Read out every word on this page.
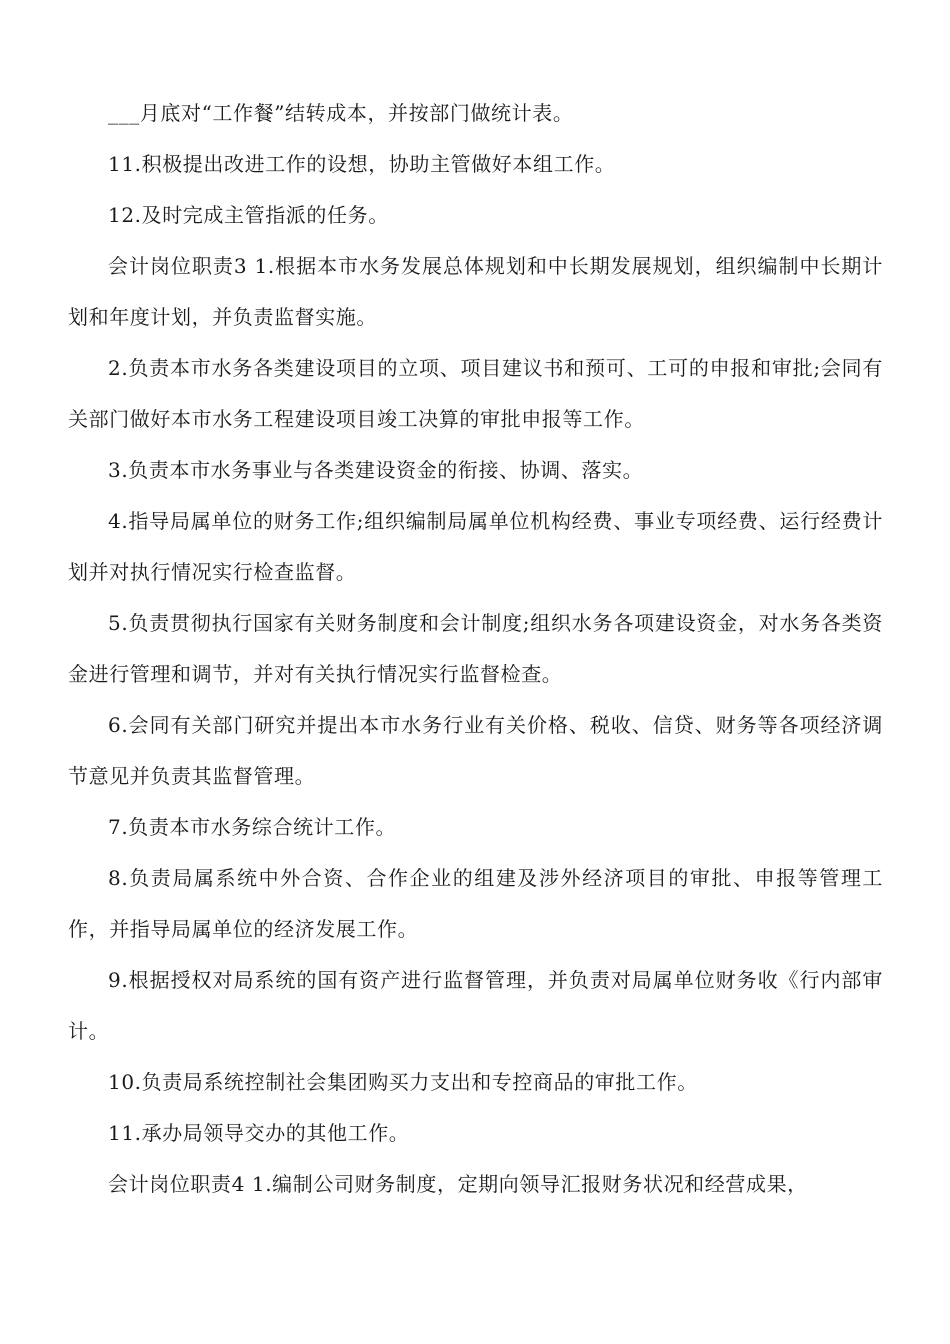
___月底对“工作餐”结转成本，并按部门做统计表。

11.积极提出改进工作的设想，协助主管做好本组工作。

12.及时完成主管指派的任务。

会计岗位职责3 1.根据本市水务发展总体规划和中长期发展规划，组织编制中长期计划和年度计划，并负责监督实施。

2.负责本市水务各类建设项目的立项、项目建议书和预可、工可的申报和审批;会同有关部门做好本市水务工程建设项目竣工决算的审批申报等工作。

3.负责本市水务事业与各类建设资金的衔接、协调、落实。

4.指导局属单位的财务工作;组织编制局属单位机构经费、事业专项经费、运行经费计划并对执行情况实行检查监督。

5.负责贯彻执行国家有关财务制度和会计制度;组织水务各项建设资金，对水务各类资金进行管理和调节，并对有关执行情况实行监督检查。

6.会同有关部门研究并提出本市水务行业有关价格、税收、信贷、财务等各项经济调节意见并负责其监督管理。

7.负责本市水务综合统计工作。

8.负责局属系统中外合资、合作企业的组建及涉外经济项目的审批、申报等管理工作，并指导局属单位的经济发展工作。

9.根据授权对局系统的国有资产进行监督管理，并负责对局属单位财务收《行内部审计。

10.负责局系统控制社会集团购买力支出和专控商品的审批工作。

11.承办局领导交办的其他工作。

会计岗位职责4 1.编制公司财务制度，定期向领导汇报财务状况和经营成果，
